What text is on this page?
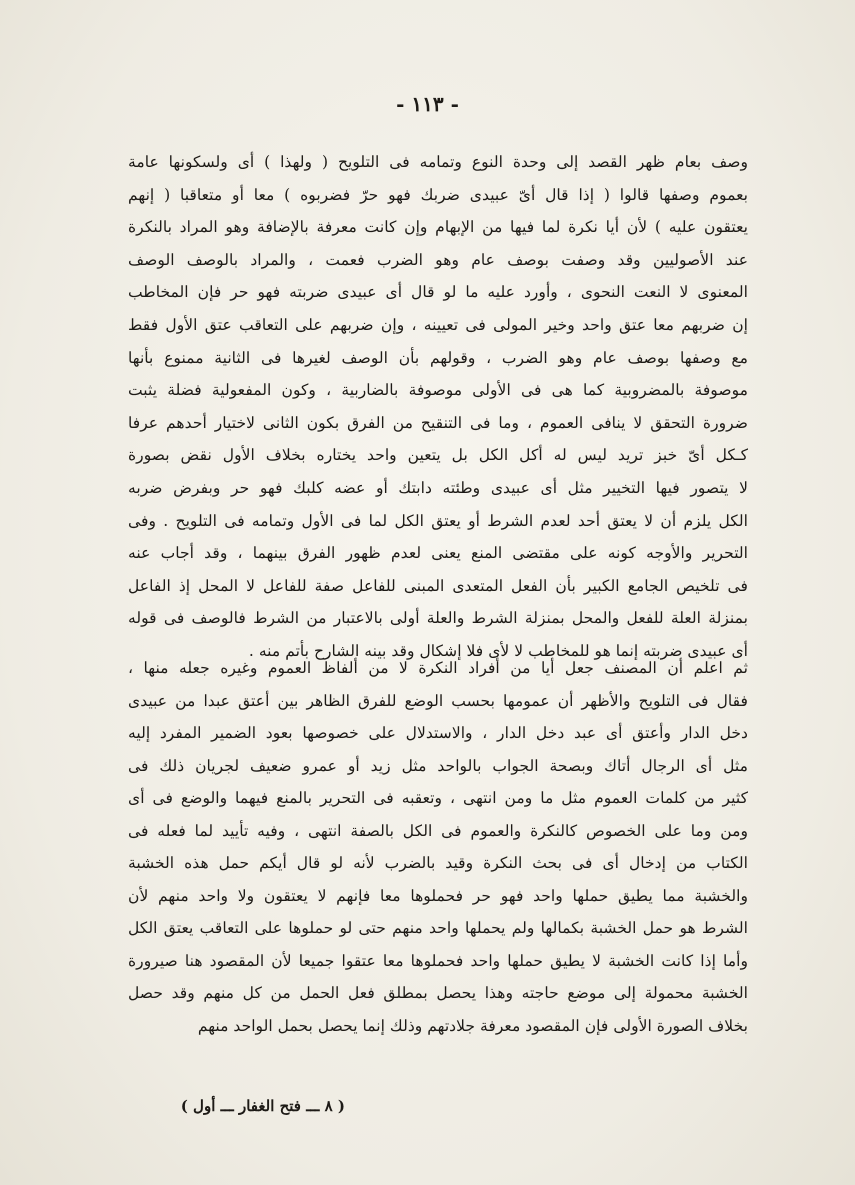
- ١١٣ -
وصف بعام ظهر القصد إلى وحدة النوع وتمامه فى التلويح ( ولهذا ) أى ولسكونها عامة
بعموم وصفها قالوا ( إذا قال أىّ عبيدى ضربك فهو حرّ فضربوه ) معا أو متعاقبا ( إنهم
يعتقون عليه ) لأن أيا نكرة لما فيها من الإبهام وإن كانت معرفة بالإضافة وهو المراد بالنكرة
عند الأصوليين وقد وصفت بوصف عام وهو الضرب فعمت ، والمراد بالوصف الوصف
المعنوى لا النعت النحوى ، وأورد عليه ما لو قال أى عبيدى ضربته فهو حر فإن المخاطب
إن ضربهم معا عتق واحد وخير المولى فى تعيينه ، وإن ضربهم على التعاقب عتق الأول فقط
مع وصفها بوصف عام وهو الضرب ، وقولهم بأن الوصف لغيرها فى الثانية ممنوع بأنها
موصوفة بالمضروبية كما هى فى الأولى موصوفة بالضاربية ، وكون المفعولية فضلة يثبت
ضرورة التحقق لا ينافى العموم ، وما فى التنقيح من الفرق بكون الثانى لاختيار أحدهم عرفا
كـكل أىّ خبز تريد ليس له أكل الكل بل يتعين واحد يختاره بخلاف الأول نقض بصورة
لا يتصور فيها التخيير مثل أى عبيدى وطئته دابتك أو عضه كلبك فهو حر وبفرض ضربه
الكل يلزم أن لا يعتق أحد لعدم الشرط أو يعتق الكل لما فى الأول وتمامه فى التلويح . وفى
التحرير والأوجه كونه على مقتضى المنع يعنى لعدم ظهور الفرق بينهما ، وقد أجاب عنه
فى تلخيص الجامع الكبير بأن الفعل المتعدى المبنى للفاعل صفة للفاعل لا المحل إذ الفاعل
بمنزلة العلة للفعل والمحل بمنزلة الشرط والعلة أولى بالاعتبار من الشرط فالوصف فى قوله
أى عبيدى ضربته إنما هو للمخاطب لا لأى فلا إشكال وقد بينه الشارح بأتم منه .
ثم اعلم أن المصنف جعل أيا من أفراد النكرة لا من ألفاظ العموم وغيره جعله منها ،
فقال فى التلويح والأظهر أن عمومها بحسب الوضع للفرق الظاهر بين أعتق عبدا من عبيدى
دخل الدار وأعتق أى عبد دخل الدار ، والاستدلال على خصوصها بعود الضمير المفرد إليه
مثل أى الرجال أتاك وبصحة الجواب بالواحد مثل زيد أو عمرو ضعيف لجريان ذلك فى
كثير من كلمات العموم مثل ما ومن انتهى ، وتعقبه فى التحرير بالمنع فيهما والوضع فى أى
ومن وما على الخصوص كالنكرة والعموم فى الكل بالصفة انتهى ، وفيه تأييد لما فعله فى
الكتاب من إدخال أى فى بحث النكرة وقيد بالضرب لأنه لو قال أيكم حمل هذه الخشبة
والخشبة مما يطيق حملها واحد فهو حر فحملوها معا فإنهم لا يعتقون ولا واحد منهم لأن
الشرط هو حمل الخشبة بكمالها ولم يحملها واحد منهم حتى لو حملوها على التعاقب يعتق الكل
وأما إذا كانت الخشبة لا يطيق حملها واحد فحملوها معا عتقوا جميعا لأن المقصود هنا صيرورة
الخشبة محمولة إلى موضع حاجته وهذا يحصل بمطلق فعل الحمل من كل منهم وقد حصل
بخلاف الصورة الأولى فإن المقصود معرفة جلادتهم وذلك إنما يحصل بحمل الواحد منهم
( ٨ ـــ فتح الغفار ـــ أول )
